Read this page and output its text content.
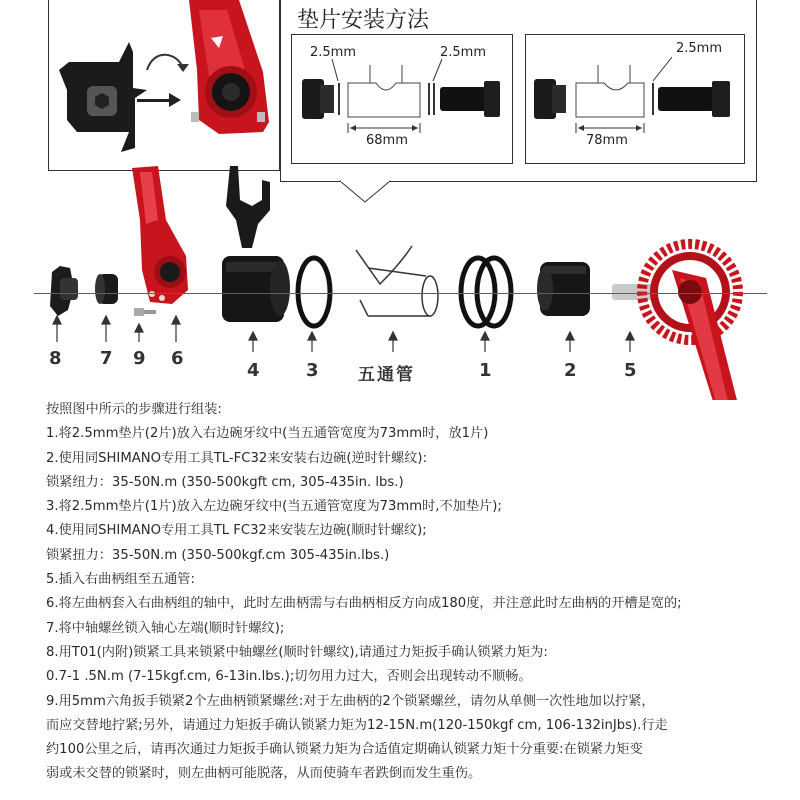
垫片安装方法
2.5mm	2.5mm
68mm
2.5mm
78mm
8 7 9 6
4	3 五通管	1	2	5
按照图中所示的步骤进行组装:
1.将2.5mm垫片(2片)放入右边碗牙纹中(当五通管宽度为73mm时，放1片)
2.使用同SHIMANO专用工具TL-FC32来安装右边碗(逆时针螺纹):
锁紧纽力：35-50N.m (350-500kgft cm, 305-435in. lbs.)
3.将2.5mm垫片(1片)放入左边碗牙纹中(当五通管宽度为73mm时,不加垫片);
4.使用同SHIMANO专用工具TL FC32来安装左边碗(顺时针螺纹);
锁紧扭力：35-50N.m (350-500kgf.cm 305-435in.lbs.)
5.插入右曲柄组至五通管:
6.将左曲柄套入右曲柄组的轴中，此时左曲柄需与右曲柄相反方向成180度，并注意此时左曲柄的开槽是宽的;
7.将中轴螺丝锁入轴心左端(顺时针螺纹);
8.用T01(内附)锁紧工具来锁紧中轴螺丝(顺时针螺纹),请通过力矩扳手确认锁紧力矩为:
0.7-1 .5N.m (7-15kgf.cm, 6-13in.lbs.);切勿用力过大，否则会出现转动不顺畅。
9.用5mm六角扳手锁紧2个左曲柄锁紧螺丝:对于左曲柄的2个锁紧螺丝，请勿从单侧一次性地加以拧紧，
而应交替地拧紧;另外，请通过力矩扳手确认锁紧力矩为12-15N.m(120-150kgf cm, 106-132inJbs).行走
约100公里之后，请再次通过力矩扳手确认锁紧力矩为合适值定期确认锁紧力矩十分重要:在锁紧力矩变
弱或未交替的锁紧时，则左曲柄可能脱落，从而使骑车者跌倒而发生重伤。
